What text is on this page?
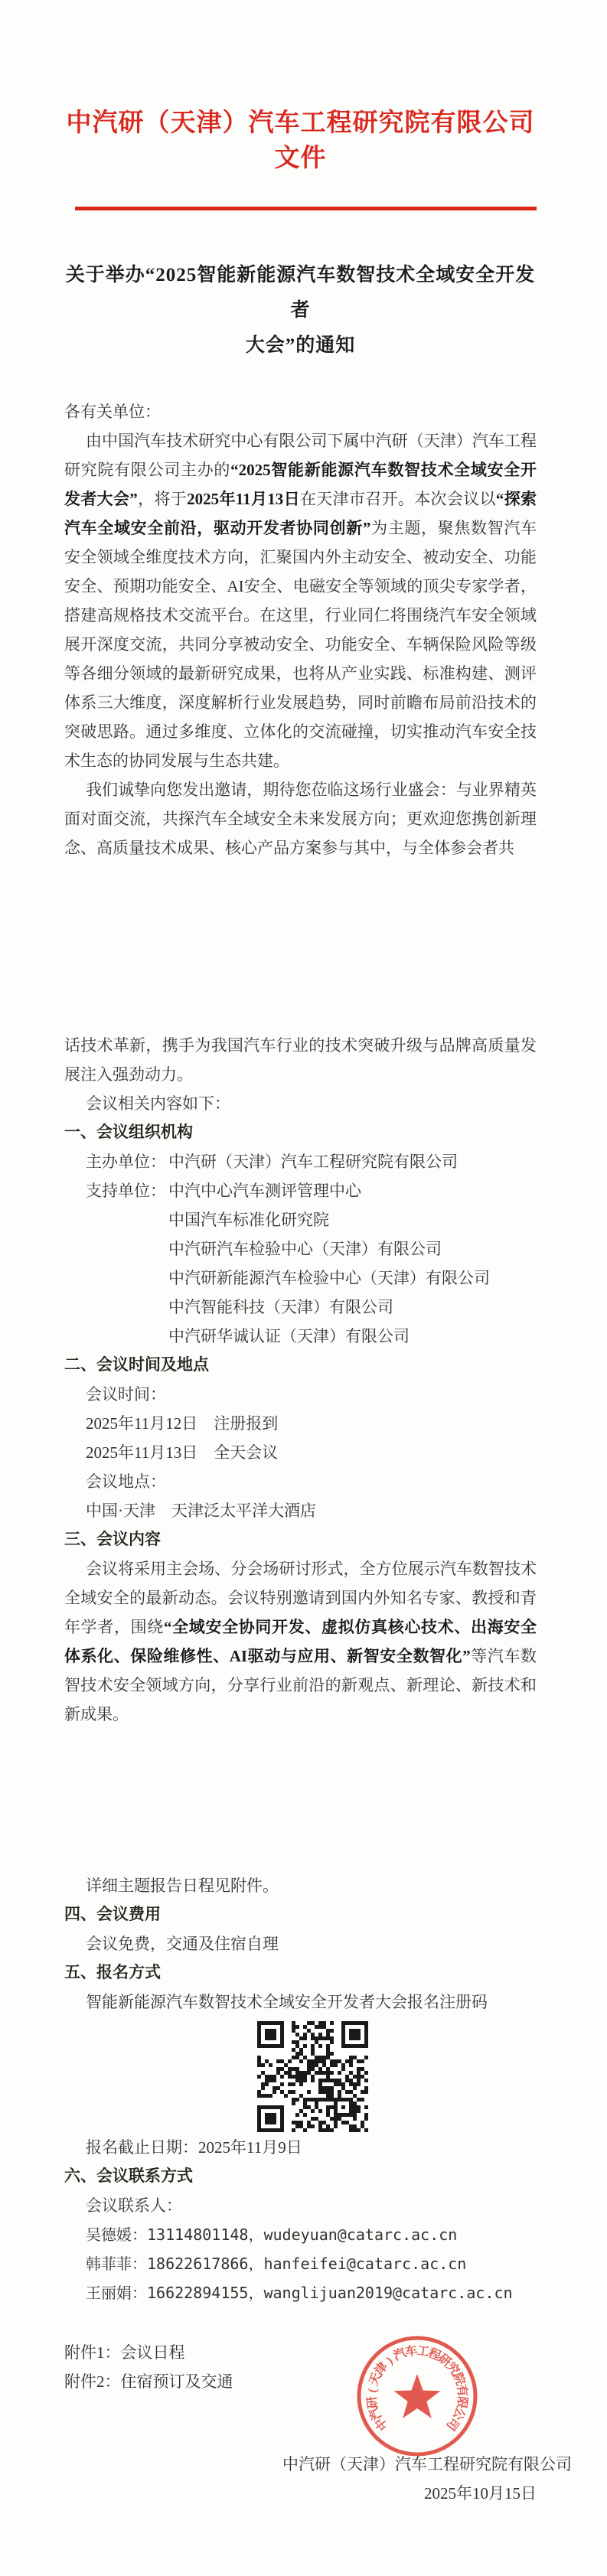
中汽研（天津）汽车工程研究院有限公司文件
关于举办“2025智能新能源汽车数智技术全域安全开发者
大会”的通知
各有关单位：

由中国汽车技术研究中心有限公司下属中汽研（天津）汽车工程研究院有限公司主办的“2025智能新能源汽车数智技术全域安全开发者大会”，将于2025年11月13日在天津市召开。本次会议以“探索汽车全域安全前沿，驱动开发者协同创新”为主题，聚焦数智汽车安全领域全维度技术方向，汇聚国内外主动安全、被动安全、功能安全、预期功能安全、AI安全、电磁安全等领域的顶尖专家学者，搭建高规格技术交流平台。在这里，行业同仁将围绕汽车安全领域展开深度交流，共同分享被动安全、功能安全、车辆保险风险等级等各细分领域的最新研究成果，也将从产业实践、标准构建、测评体系三大维度，深度解析行业发展趋势，同时前瞻布局前沿技术的突破思路。通过多维度、立体化的交流碰撞，切实推动汽车安全技术生态的协同发展与生态共建。

我们诚挚向您发出邀请，期待您莅临这场行业盛会：与业界精英面对面交流，共探汽车全域安全未来发展方向；更欢迎您携创新理念、高质量技术成果、核心产品方案参与其中，与全体参会者共

话技术革新，携手为我国汽车行业的技术突破升级与品牌高质量发展注入强劲动力。

会议相关内容如下：

一、会议组织机构
主办单位： 中汽研（天津）汽车工程研究院有限公司
支持单位： 中汽中心汽车测评管理中心
中国汽车标准化研究院
中汽研汽车检验中心（天津）有限公司
中汽研新能源汽车检验中心（天津）有限公司
中汽智能科技（天津）有限公司
中汽研华诚认证（天津）有限公司
二、会议时间及地点
会议时间：
2025年11月12日　注册报到
2025年11月13日　全天会议
会议地点：
中国·天津　天津泛太平洋大酒店
三、会议内容

会议将采用主会场、分会场研讨形式，全方位展示汽车数智技术全域安全的最新动态。会议特别邀请到国内外知名专家、教授和青年学者，围绕“全域安全协同开发、虚拟仿真核心技术、出海安全体系化、保险维修性、AI驱动与应用、新智安全数智化”等汽车数智技术安全领域方向，分享行业前沿的新观点、新理论、新技术和新成果。

详细主题报告日程见附件。

四、会议费用
会议免费，交通及住宿自理
五、报名方式
智能新能源汽车数智技术全域安全开发者大会报名注册码
报名截止日期：2025年11月9日
六、会议联系方式
会议联系人：
吴德媛：13114801148，wudeyuan@catarc.ac.cn
韩菲菲：18622617866，hanfeifei@catarc.ac.cn
王丽娟：16622894155，wanglijuan2019@catarc.ac.cn
附件1：会议日程
附件2：住宿预订及交通
中汽研（天津）汽车工程研究院有限公司
2025年10月15日
中
汽
研
(
天
津
)
汽
车
工
程
研
究
院
有
限
公
司
